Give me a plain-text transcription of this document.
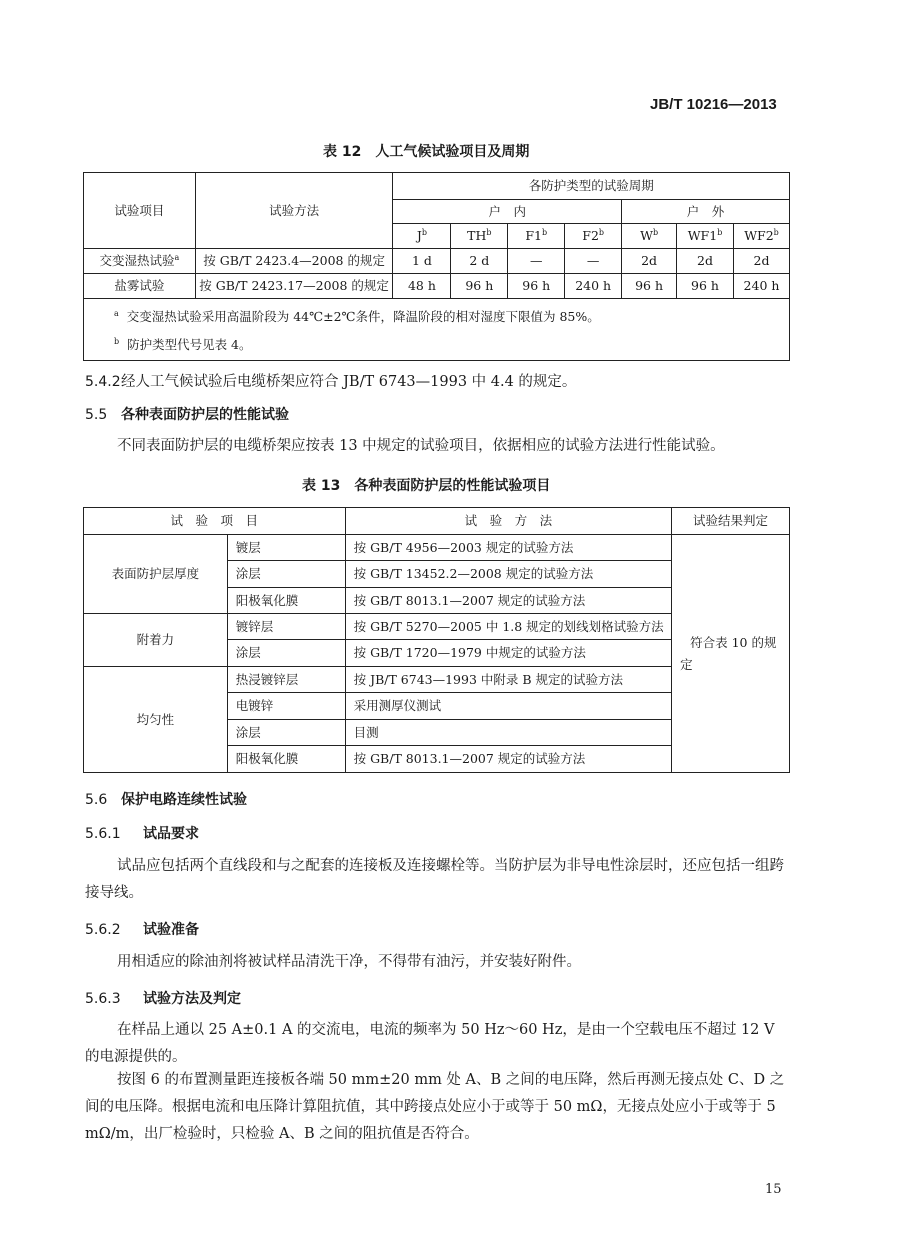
JB/T 10216—2013
表 12　人工气候试验项目及周期
试验项目	试验方法	各防护类型的试验周期						
		户　内				户　外		
		$J^b$	$TH^b$	F1$^b$	F2$^b$	$W^b$	WF1$^b$	WF2$^b$
交变湿热试验$^a$	按 GB/T 2423.4—2008 的规定	1 d	2 d	—	—	2d	2d	2d
盐雾试验	按 GB/T 2423.17—2008 的规定	48 h	96 h	96 h	240 h	96 h	96 h	240 h

$^a$ 交变湿热试验采用高温阶段为 44℃±2℃条件，降温阶段的相对湿度下限值为 85%。
$^b$ 防护类型代号见表 4。								
5.4.2经人工气候试验后电缆桥架应符合 JB/T 6743—1993 中 4.4 的规定。
5.5 各种表面防护层的性能试验
不同表面防护层的电缆桥架应按表 13 中规定的试验项目，依据相应的试验方法进行性能试验。
表 13　各种表面防护层的性能试验项目
试　验　项　目		试　验　方　法	试验结果判定
表面防护层厚度	镀层	按 GB/T 4956—2003 规定的试验方法	符合表 10 的规
定

	涂层	按 GB/T 13452.2—2008 规定的试验方法	
	阳极氧化膜	按 GB/T 8013.1—2007 规定的试验方法	
附着力	镀锌层	按 GB/T 5270—2005 中 1.8 规定的划线划格试验方法	
	涂层	按 GB/T 1720—1979 中规定的试验方法	
均匀性	热浸镀锌层	按 JB/T 6743—1993 中附录 B 规定的试验方法	
	电镀锌	采用测厚仪测试	
	涂层	目测	
	阳极氧化膜	按 GB/T 8013.1—2007 规定的试验方法	
5.6 保护电路连续性试验
5.6.1 试品要求
试品应包括两个直线段和与之配套的连接板及连接螺栓等。当防护层为非导电性涂层时，还应包括一组跨接导线。
5.6.2 试验准备
用相适应的除油剂将被试样品清洗干净，不得带有油污，并安装好附件。
5.6.3 试验方法及判定
在样品上通以 25 A±0.1 A 的交流电，电流的频率为 50 Hz～60 Hz，是由一个空载电压不超过 12 V 的电源提供的。
按图 6 的布置测量距连接板各端 50 mm±20 mm 处 A、B 之间的电压降，然后再测无接点处 C、D 之间的电压降。根据电流和电压降计算阻抗值，其中跨接点处应小于或等于 50 mΩ，无接点处应小于或等于 5 mΩ/m，出厂检验时，只检验 A、B 之间的阻抗值是否符合。
15
